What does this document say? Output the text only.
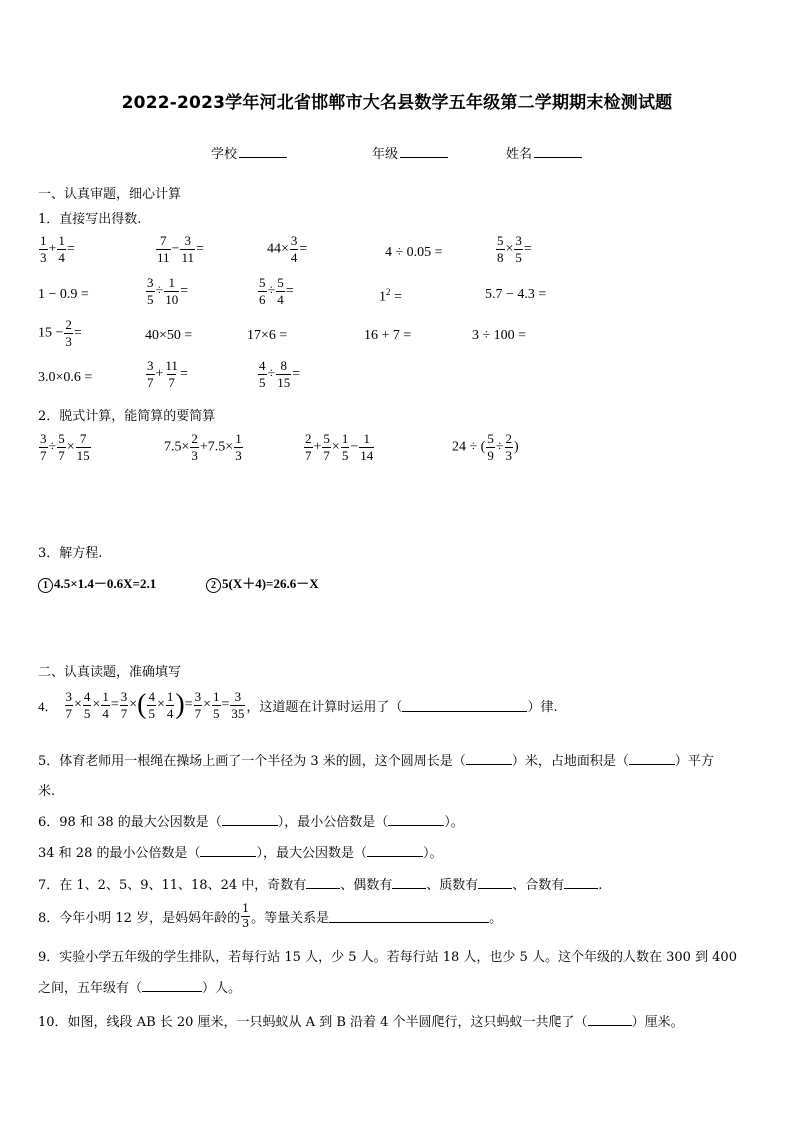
2022-2023学年河北省邯郸市大名县数学五年级第二学期期末检测试题
学校	年级	姓名
一、认真审题，细心计算
1．直接写出得数.
$\frac{1}{3} + \frac{1}{4}$ =	$\frac{7}{11} - \frac{3}{11}$ =	$44\times \frac{3}{4}$ =	4 ÷ 0.05 =	$\frac{5}{8} \times \frac{3}{5}$ =
1 − 0.9 =	$\frac{3}{5} \div \frac{1}{10}$ =	$\frac{5}{6} \div \frac{5}{4}$ =	$1^2$ =	5.7 − 4.3 =
$15 - \frac{2}{3}$ =	40×50 =	17×6 =	16 + 7 =	3 ÷ 100 =
3.0×0.6 =	$\frac{3}{7} + \frac{11}{7}$ =	$\frac{4}{5} \div \frac{8}{15}$ =
2．脱式计算，能简算的要简算
$\frac{3}{7} \div \frac{5}{7} \times \frac{7}{15}$	$7.5\times \frac{2}{3} +7.5\times \frac{1}{3}$	$\frac{2}{7} + \frac{5}{7} \times \frac{1}{5} - \frac{1}{14}$	24 ÷ ( $\frac{5}{9} \div \frac{2}{3}$ )
3．解方程.
1 4.5×1.4－0.6X=2.1	2 5(X＋4)=26.6－X
二、认真读题，准确填写
4． $\frac{3}{7} \times \frac{4}{5} \times \frac{1}{4} = \frac{3}{7}$ × ( $\frac{4}{5} \times \frac{1}{4}$ ) = $\frac{3}{7} \times \frac{1}{5} = \frac{3}{35}$ ，这道题在计算时运用了（	）律.
5．体育老师用一根绳在操场上画了一个半径为 3 米的圆，这个圆周长是（	）米，占地面积是（	）平方
米.
6．98 和 38 的最大公因数是（	），最小公倍数是（	）。
34 和 28 的最小公倍数是（	），最大公因数是（	）。
7．在 1、2、5、9、11、18、24 中，奇数有	、偶数有	、质数有	、合数有	.
8．今年小明 12 岁，是妈妈年龄的 $\frac{1}{3}$ 。等量关系是	。
9．实验小学五年级的学生排队，若每行站 15 人，少 5 人。若每行站 18 人，也少 5 人。这个年级的人数在 300 到 400
之间，五年级有（	）人。
10．如图，线段 AB 长 20 厘米，一只蚂蚁从 A 到 B 沿着 4 个半圆爬行，这只蚂蚁一共爬了（	）厘米。
